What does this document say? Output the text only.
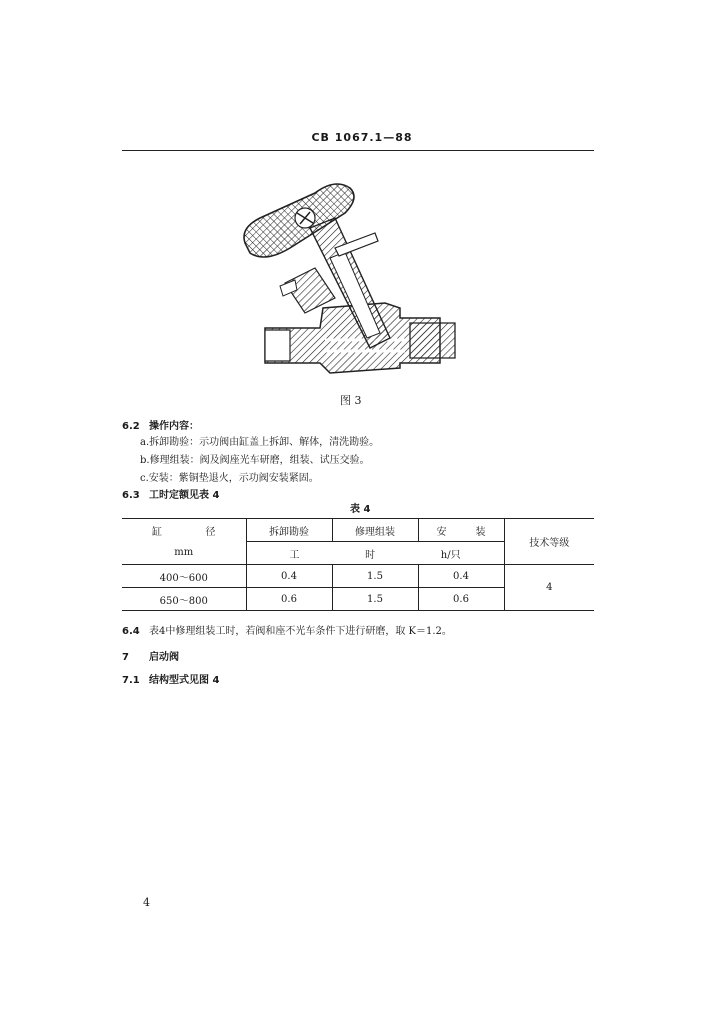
CB 1067.1—88
图 3
6.2 操作内容：
a.拆卸勘验：示功阀由缸盖上拆卸、解体，清洗勘验。
b.修理组装：阀及阀座光车研磨，组装、试压交验。
c.安装：紫铜垫退火，示功阀安装紧固。
6.3 工时定额见表 4
表 4
缸 径	拆卸勘验	修理组装	安 装	技术等级
mm	工 时 h/只			

400～600	0.4	1.5	0.4	4
650～800	0.6	1.5	0.6	
6.4 表4中修理组装工时，若阀和座不光车条件下进行研磨，取 K＝1.2。
7 启动阀
7.1 结构型式见图 4
4
